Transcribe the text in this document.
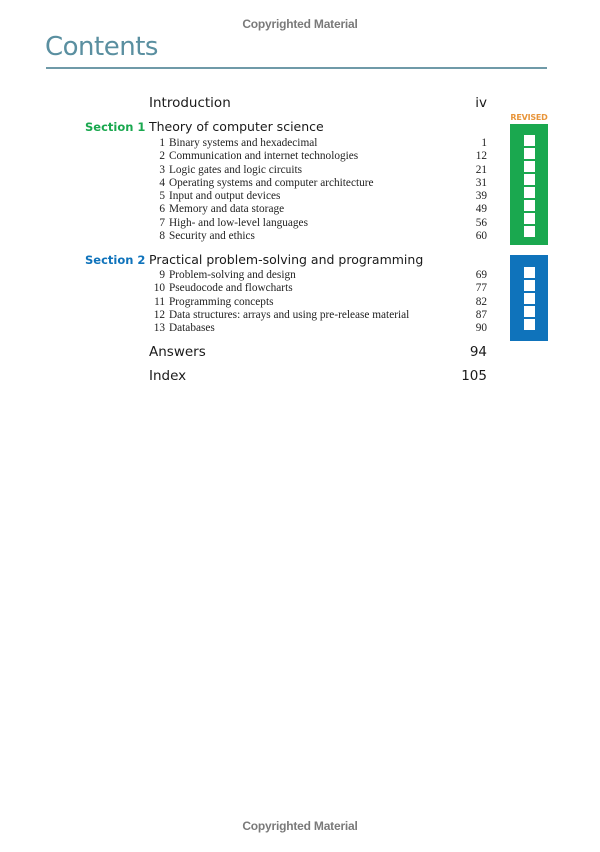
Copyrighted Material
Contents
Introduction	iv
Section 1 Theory of computer science
1 Binary systems and hexadecimal	1
2 Communication and internet technologies	12
3 Logic gates and logic circuits	21
4 Operating systems and computer architecture	31
5 Input and output devices	39
6 Memory and data storage	49
7 High- and low-level languages	56
8 Security and ethics	60
Section 2 Practical problem-solving and programming
9 Problem-solving and design	69
10 Pseudocode and flowcharts	77
11 Programming concepts	82
12 Data structures: arrays and using pre-release material	87
13 Databases	90
Answers	94
Index	105
REVISED
Copyrighted Material
